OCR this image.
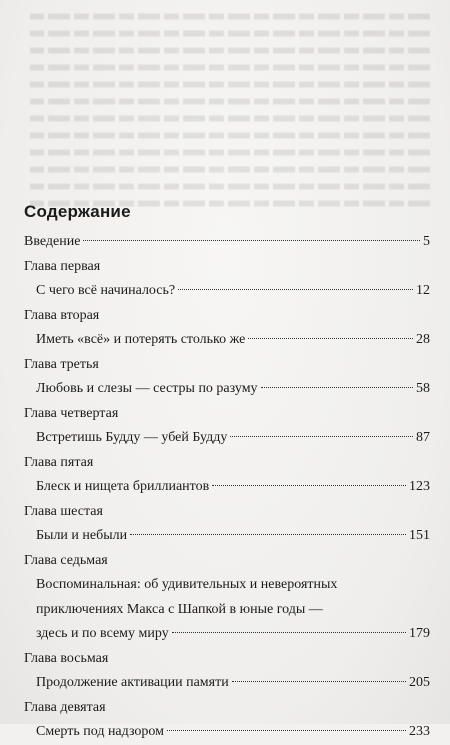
Содержание
Введение	5
Глава первая
С чего всё начиналось?	12
Глава вторая
Иметь «всё» и потерять столько же	28
Глава третья
Любовь и слезы — сестры по разуму	58
Глава четвертая
Встретишь Будду — убей Будду	87
Глава пятая
Блеск и нищета бриллиантов	123
Глава шестая
Были и небыли	151
Глава седьмая
Воспоминальная: об удивительных и невероятных
приключениях Макса с Шапкой в юные годы —
здесь и по всему миру	179
Глава восьмая
Продолжение активации памяти	205
Глава девятая
Смерть под надзором	233
